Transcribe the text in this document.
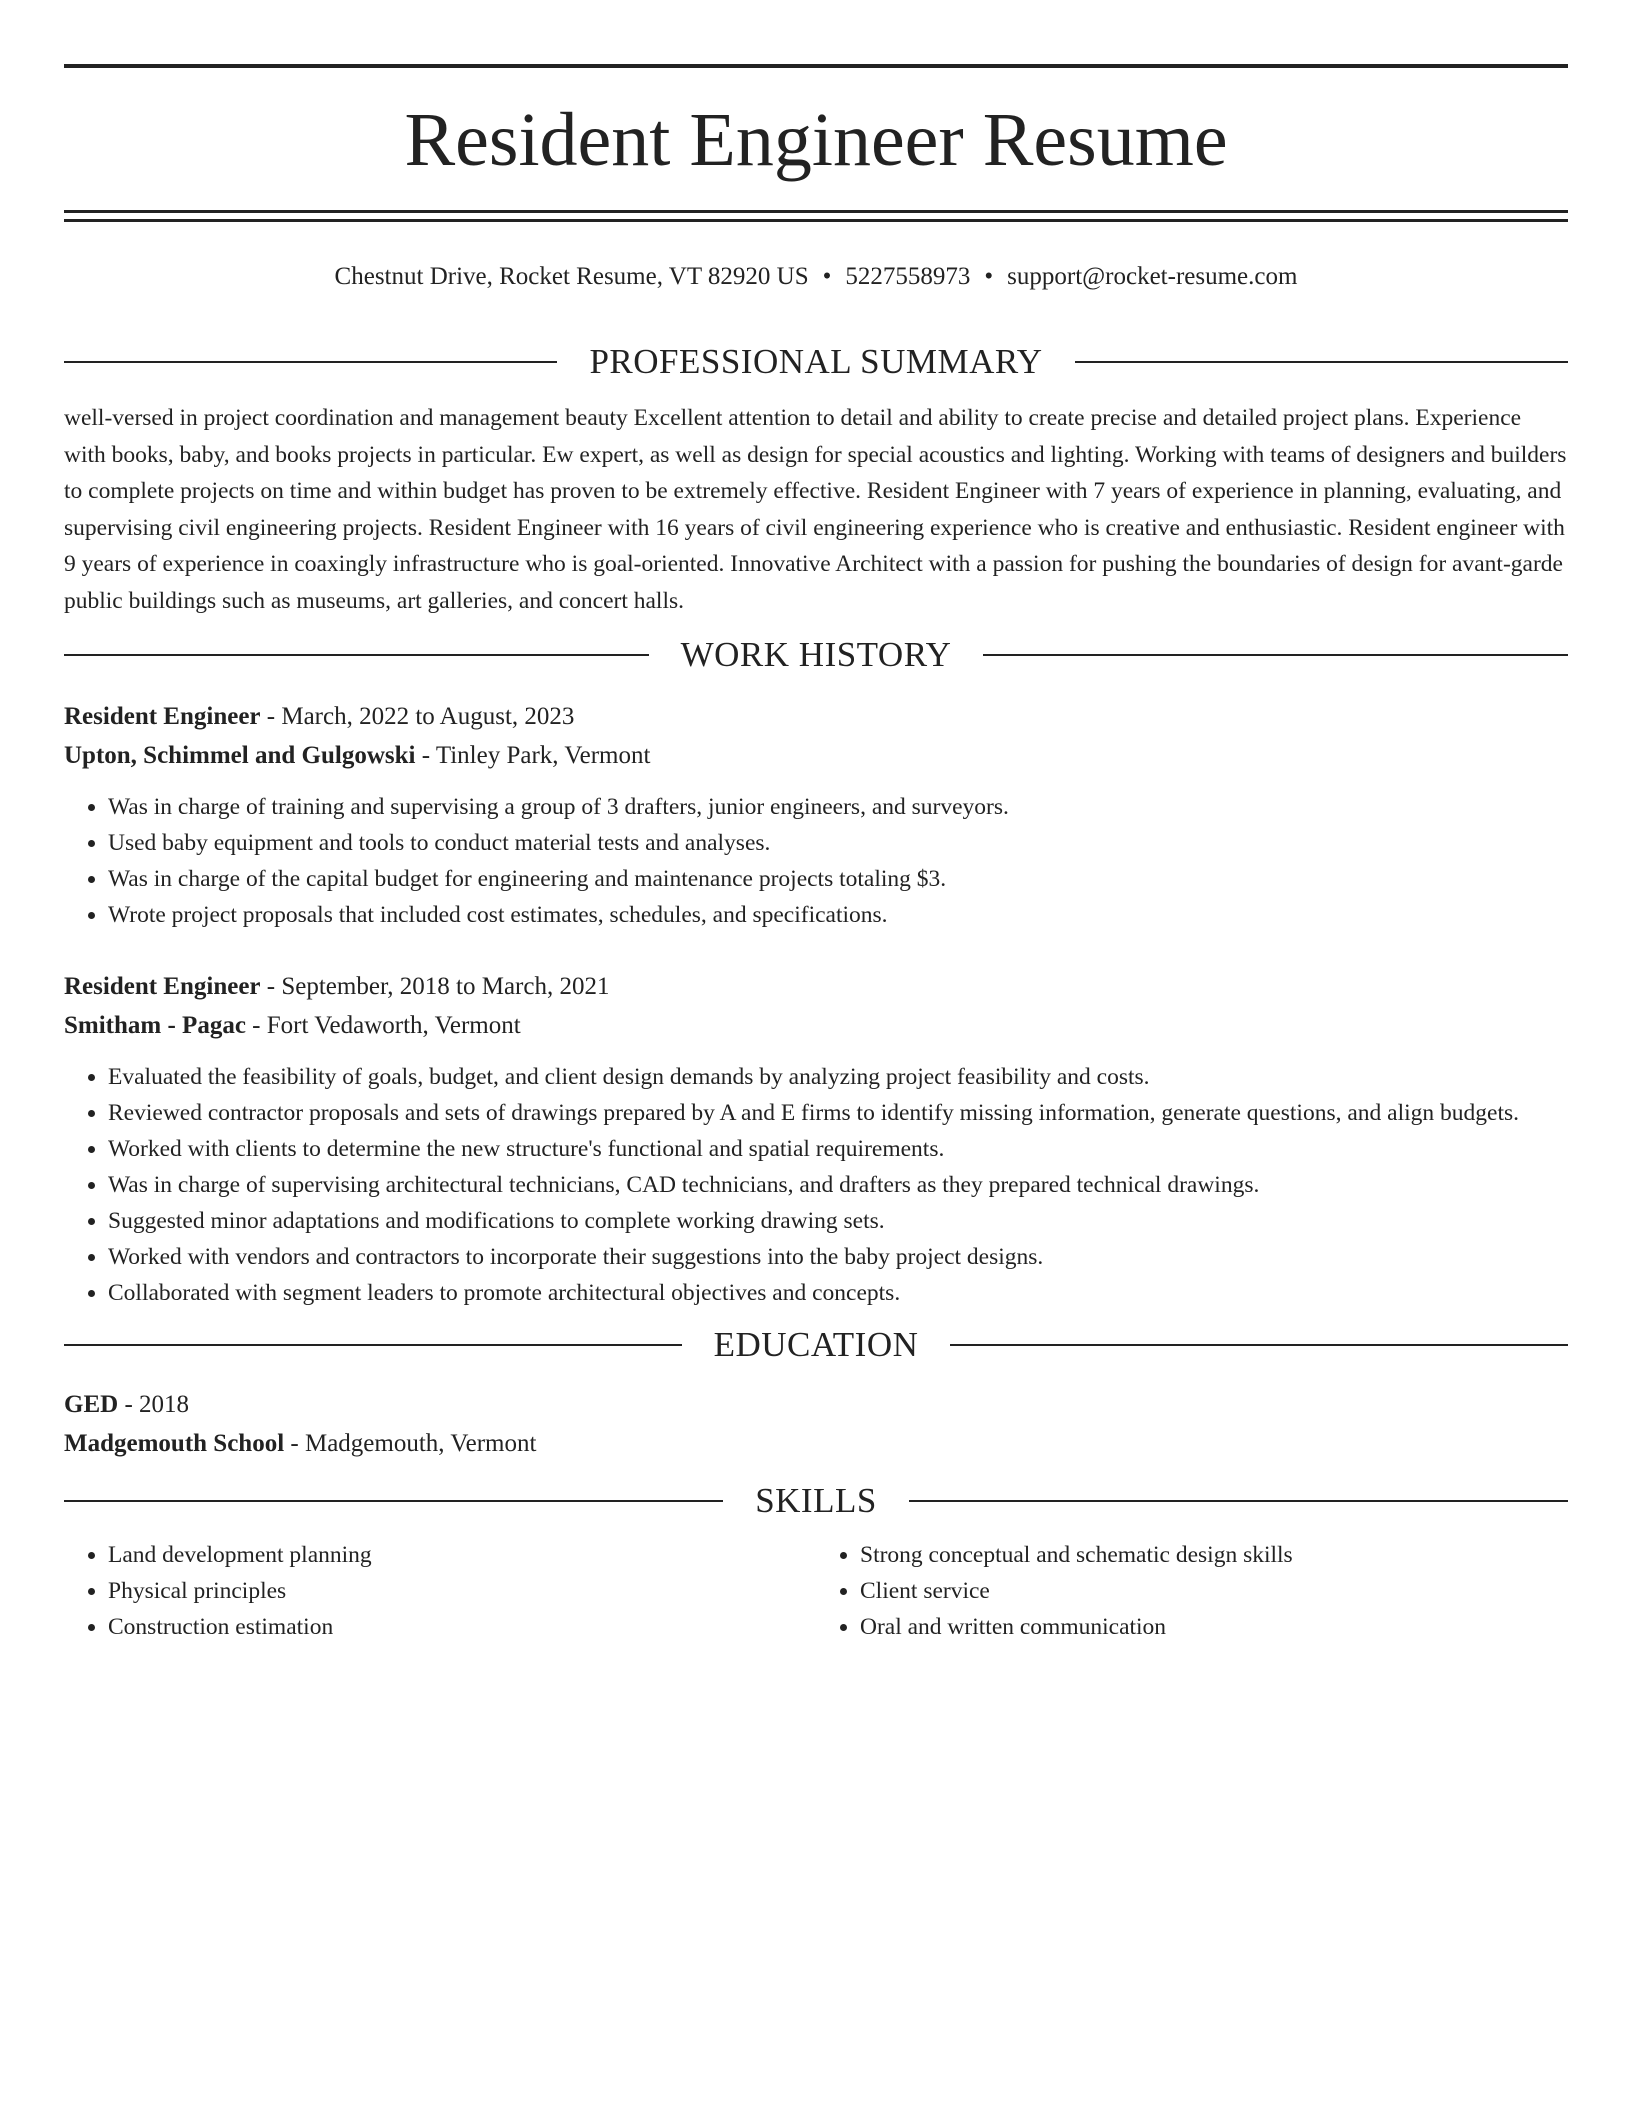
Resident Engineer Resume
Chestnut Drive, Rocket Resume, VT 82920 US • 5227558973 • support@rocket-resume.com
PROFESSIONAL SUMMARY

well-versed in project coordination and management beauty Excellent attention to detail and ability to create precise and detailed project plans. Experience with books, baby, and books projects in particular. Ew expert, as well as design for special acoustics and lighting. Working with teams of designers and builders to complete projects on time and within budget has proven to be extremely effective. Resident Engineer with 7 years of experience in planning, evaluating, and supervising civil engineering projects. Resident Engineer with 16 years of civil engineering experience who is creative and enthusiastic. Resident engineer with 9 years of experience in coaxingly infrastructure who is goal-oriented. Innovative Architect with a passion for pushing the boundaries of design for avant-garde public buildings such as museums, art galleries, and concert halls.

WORK HISTORY
Resident Engineer - March, 2022 to August, 2023
Upton, Schimmel and Gulgowski - Tinley Park, Vermont
• Was in charge of training and supervising a group of 3 drafters, junior engineers, and surveyors.
• Used baby equipment and tools to conduct material tests and analyses.
• Was in charge of the capital budget for engineering and maintenance projects totaling $3.
• Wrote project proposals that included cost estimates, schedules, and specifications.
Resident Engineer - September, 2018 to March, 2021
Smitham - Pagac - Fort Vedaworth, Vermont
• Evaluated the feasibility of goals, budget, and client design demands by analyzing project feasibility and costs.
• Reviewed contractor proposals and sets of drawings prepared by A and E firms to identify missing information, generate questions, and align budgets.
• Worked with clients to determine the new structure's functional and spatial requirements.
• Was in charge of supervising architectural technicians, CAD technicians, and drafters as they prepared technical drawings.
• Suggested minor adaptations and modifications to complete working drawing sets.
• Worked with vendors and contractors to incorporate their suggestions into the baby project designs.
• Collaborated with segment leaders to promote architectural objectives and concepts.
EDUCATION
GED - 2018
Madgemouth School - Madgemouth, Vermont
SKILLS
• Land development planning
• Physical principles
• Construction estimation
• Strong conceptual and schematic design skills
• Client service
• Oral and written communication
